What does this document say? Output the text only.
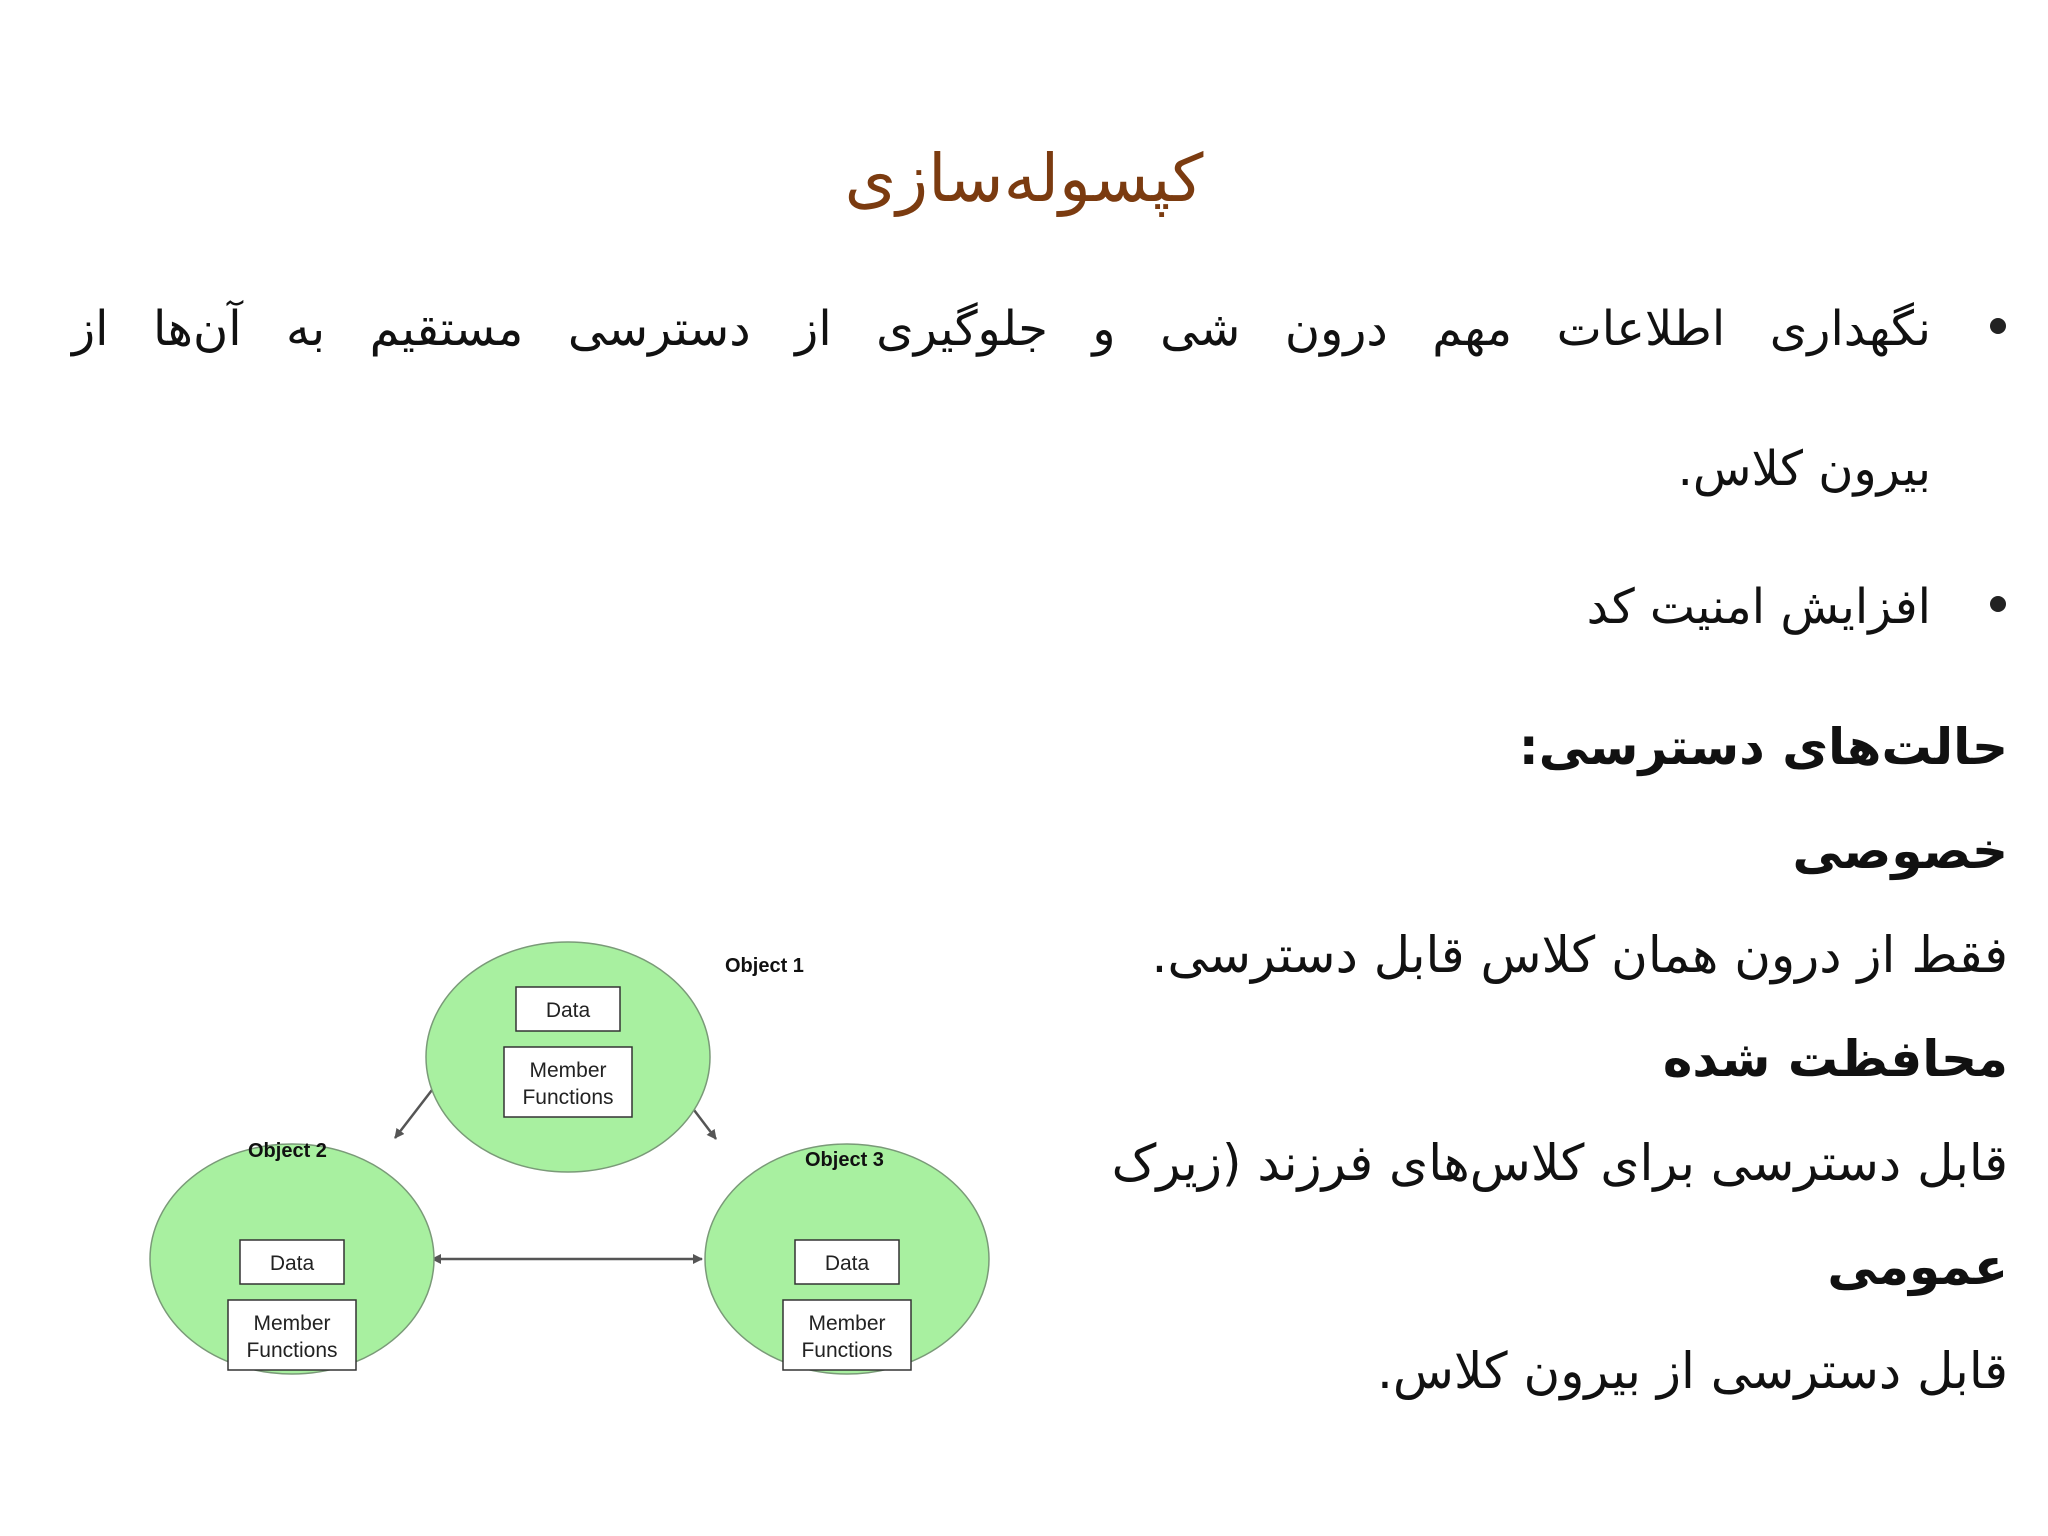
کپسوله‌سازی
نگهداری اطلاعات مهم درون شی و جلوگیری از دسترسی مستقیم به آن‌ها از
بیرون کلاس.
افزایش امنیت کد
حالت‌های دسترسی:
خصوصی
فقط از درون همان کلاس قابل دسترسی.
محافظت شده
قابل دسترسی برای کلاس‌های فرزند (زیرک
عمومی
قابل دسترسی از بیرون کلاس.
Data
Member
Functions
Object 1
Data
Member
Functions
Object 2
Data
Member
Functions
Object 3
